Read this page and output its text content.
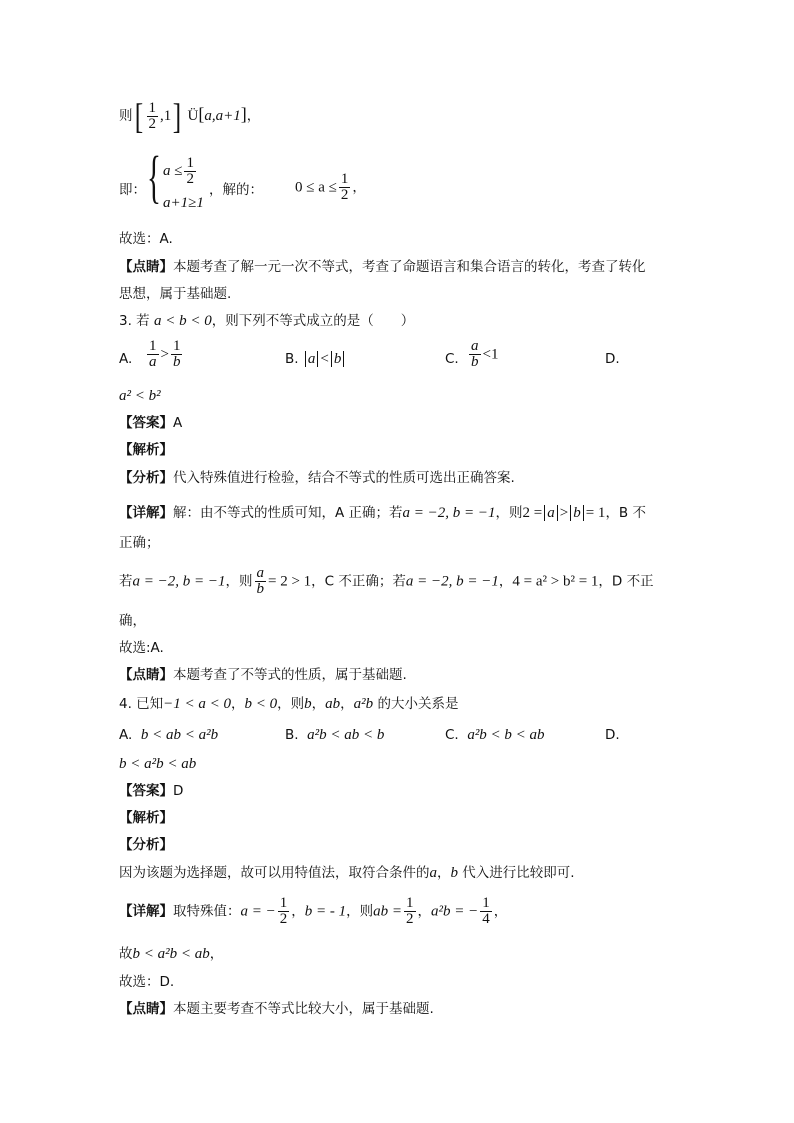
则[ $\frac{1}{2} ,1$] Ü[a,a+1]，
即： { $a \le \frac{1}{2}$
a+1≥1
，解的： $0 \le a \le \frac{1}{2}$ ，
故选：A.
【点睛】本题考查了解一元一次不等式，考查了命题语言和集合语言的转化，考查了转化
思想，属于基础题.
3. 若 a < b < 0，则下列不等式成立的是（　　）
A. $\frac{1}{a} > \frac{1}{b}$	B. a < b	C. $\frac{a}{b} <1$	D.
a² < b²
【答案】A
【解析】
【分析】代入特殊值进行检验，结合不等式的性质可选出正确答案.
【详解】解：由不等式的性质可知，A 正确；若a = −2, b = −1，则2 = a > b = 1，B 不
正确；
若a = −2, b = −1，则 $\frac{a}{b} = 2 > 1$，C 不正确；若a = −2, b = −1，4 = a² > b² = 1，D 不正
确，
故选:A.
【点睛】本题考查了不等式的性质，属于基础题.
4. 已知−1 < a < 0，b < 0，则b，ab，a²b 的大小关系是
A. b < ab < a²b	B. a²b < ab < b	C. a²b < b < ab	D.
b < a²b < ab
【答案】D
【解析】
【分析】
因为该题为选择题，故可以用特值法，取符合条件的a，b 代入进行比较即可.
【详解】取特殊值：a = − $\frac{1}{2}$ ，b = - 1，则ab = $\frac{1}{2}$ ，a²b = − $\frac{1}{4}$ ，
故b < a²b < ab，
故选：D.
【点睛】本题主要考查不等式比较大小，属于基础题.
